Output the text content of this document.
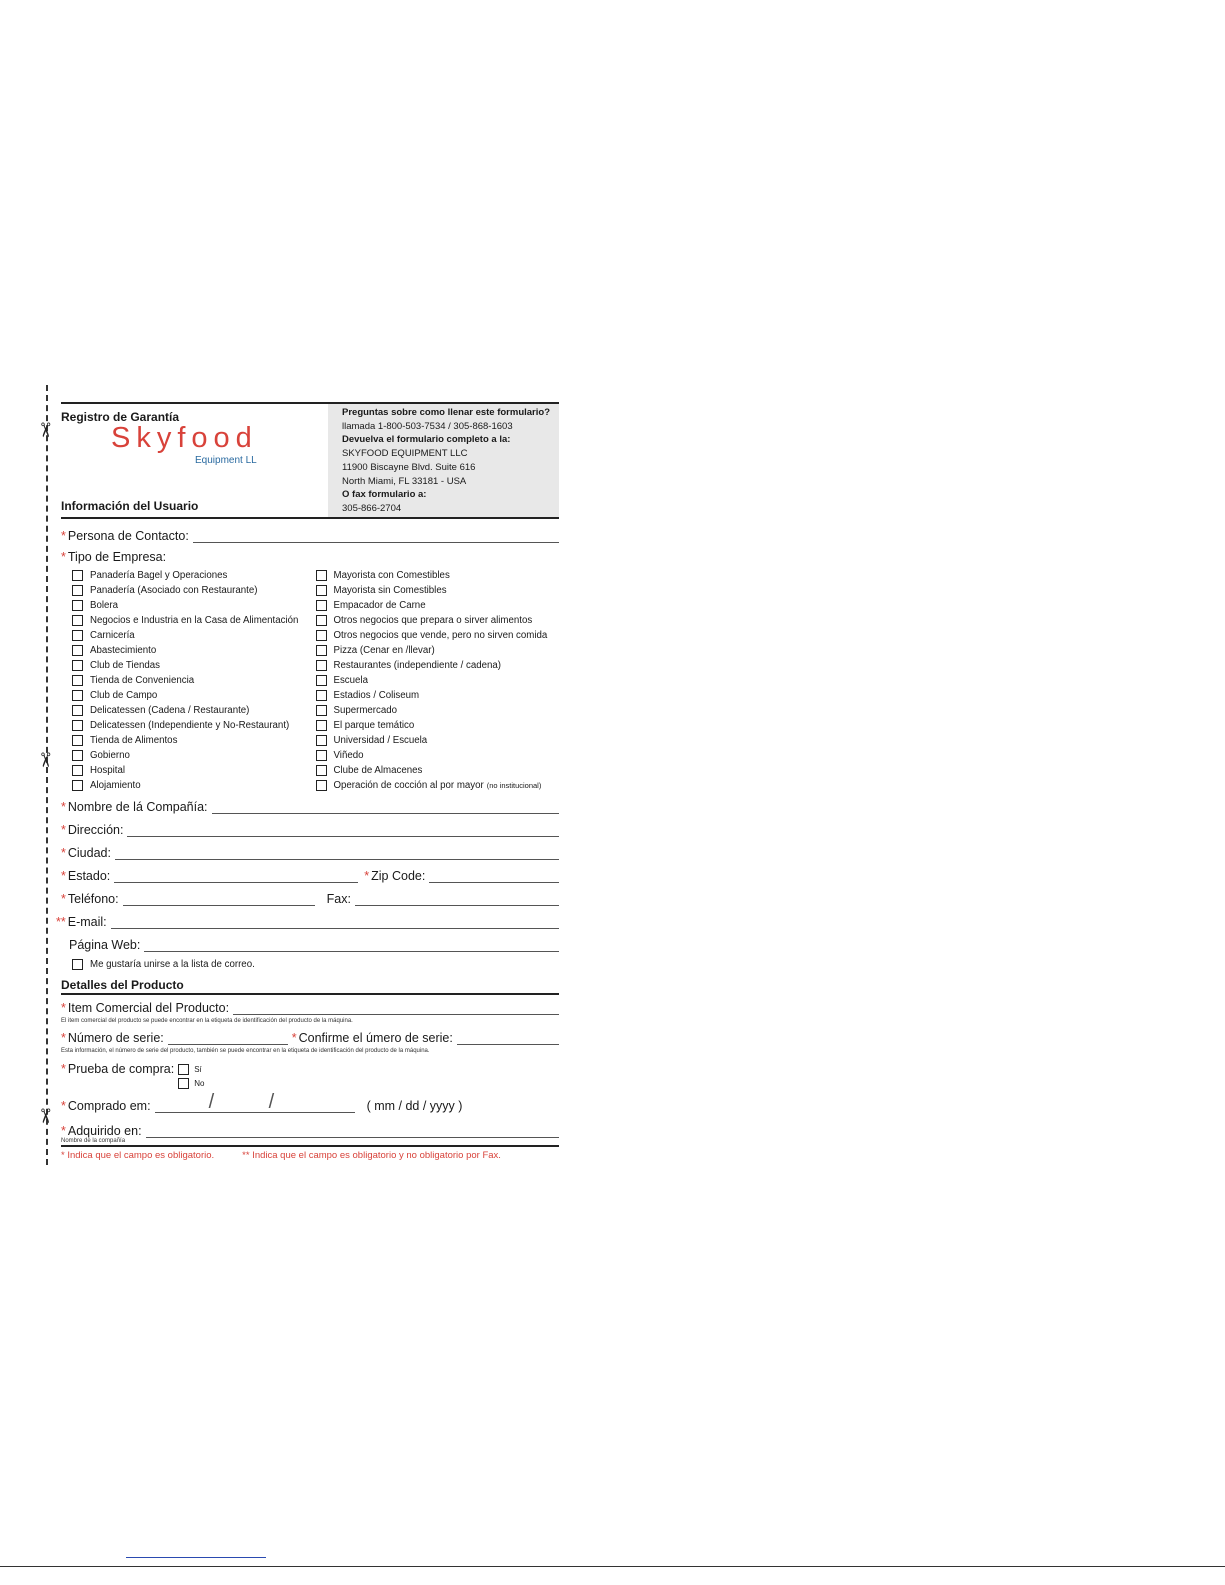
✂
✂
✂
Registro de Garantía
Skyfood
Equipment LL
Información del Usuario
Preguntas sobre como llenar este formulario?
llamada 1-800-503-7534 / 305-868-1603
Devuelva el formulario completo a la:
SKYFOOD EQUIPMENT LLC
11900 Biscayne Blvd. Suite 616
North Miami, FL 33181 - USA
O fax formulario a:
305-866-2704
* Persona de Contacto:
* Tipo de Empresa:
Panadería Bagel y Operaciones
Panadería (Asociado con Restaurante)
Bolera
Negocios e Industria en la Casa de Alimentación
Carnicería
Abastecimiento
Club de Tiendas
Tienda de Conveniencia
Club de Campo
Delicatessen (Cadena / Restaurante)
Delicatessen (Independiente y No-Restaurant)
Tienda de Alimentos
Gobierno
Hospital
Alojamiento
Mayorista con Comestibles
Mayorista sin Comestibles
Empacador de Carne
Otros negocios que prepara o sirver alimentos
Otros negocios que vende, pero no sirven comida
Pizza (Cenar en /llevar)
Restaurantes (independiente / cadena)
Escuela
Estadios / Coliseum
Supermercado
El parque temático
Universidad / Escuela
Viñedo
Clube de Almacenes
Operación de cocción al por mayor (no institucional)
* Nombre de lá Compañía:
* Dirección:
* Ciudad:
* Estado:	* Zip Code:
* Teléfono:	Fax:
** E-mail:
Página Web:
Me gustaría unirse a la lista de correo.
Detalles del Producto
* Item Comercial del Producto:
El item comercial del producto se puede encontrar en la etiqueta de identificación del producto de la máquina.
* Número de serie:	* Confirme el úmero de serie:
Esta información, el número de serie del producto, también se puede encontrar en la etiqueta de identificación del producto de la máquina.
* Prueba de compra:	Sí
No
* Comprado em:	/	/	( mm / dd / yyyy )
* Adquirido en:
Nombre de la compañía
* Indica que el campo es obligatorio.	** Indica que el campo es obligatorio y no obligatorio por Fax.
